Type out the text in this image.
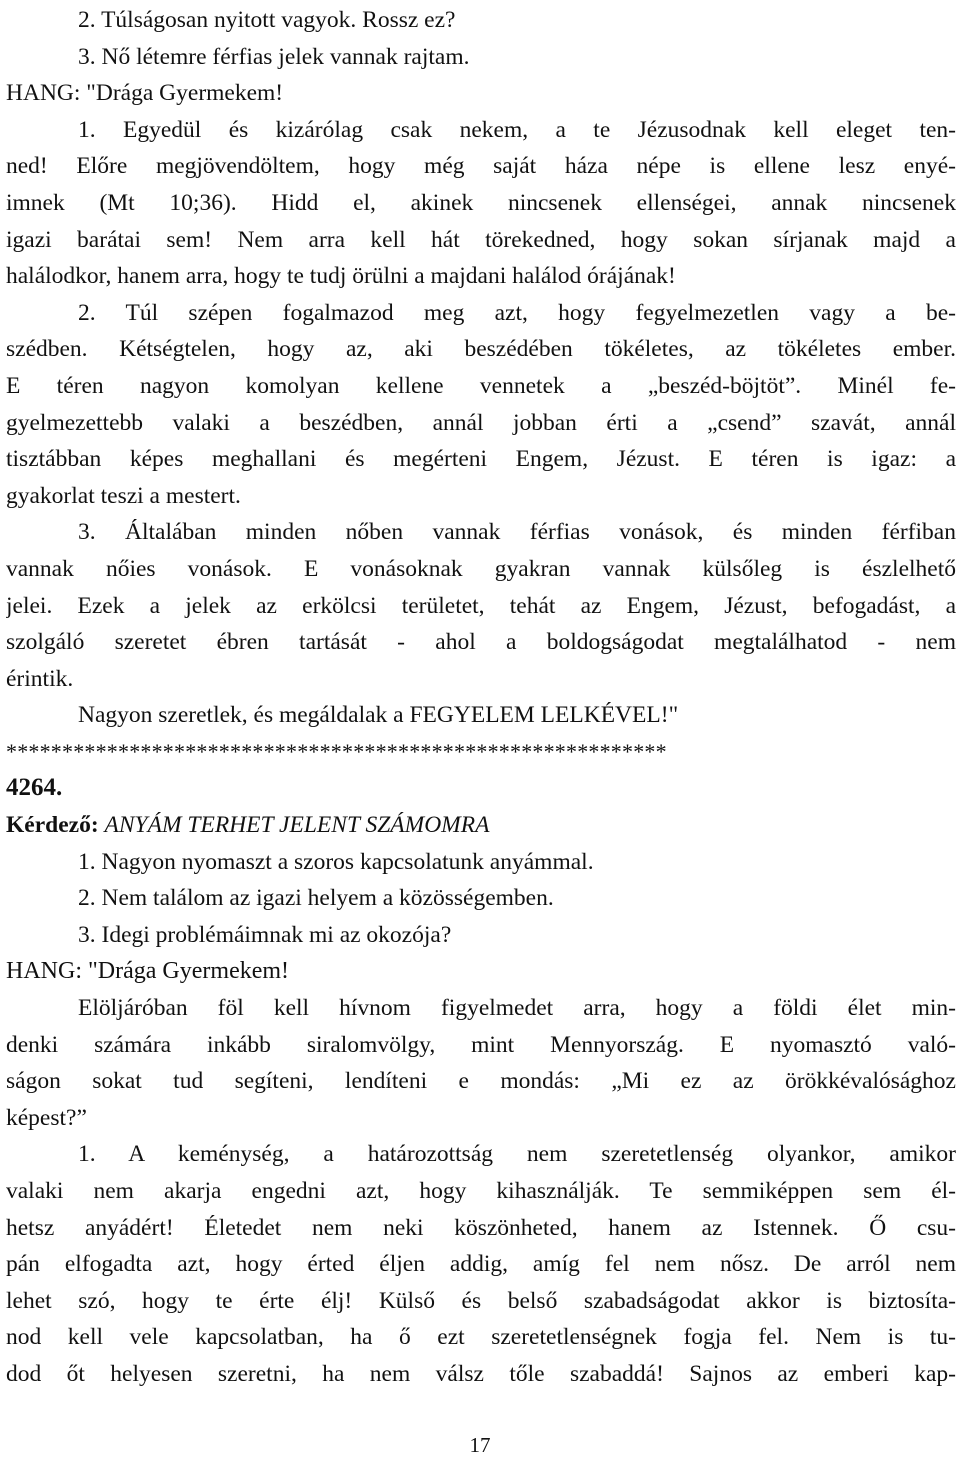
2. Túlságosan nyitott vagyok. Rossz ez?
3. Nő létemre férfias jelek vannak rajtam.
HANG: "Drága Gyermekem!
1. Egyedül és kizárólag csak nekem, a te Jézusodnak kell eleget ten-
ned! Előre megjövendöltem, hogy még saját háza népe is ellene lesz enyé-
imnek (Mt 10;36). Hidd el, akinek nincsenek ellenségei, annak nincsenek
igazi barátai sem! Nem arra kell hát törekedned, hogy sokan sírjanak majd a
halálodkor, hanem arra, hogy te tudj örülni a majdani halálod órájának!
2. Túl szépen fogalmazod meg azt, hogy fegyelmezetlen vagy a be-
szédben. Kétségtelen, hogy az, aki beszédében tökéletes, az tökéletes ember.
E téren nagyon komolyan kellene vennetek a „beszéd-böjtöt”. Minél fe-
gyelmezettebb valaki a beszédben, annál jobban érti a „csend” szavát, annál
tisztábban képes meghallani és megérteni Engem, Jézust. E téren is igaz: a
gyakorlat teszi a mestert.
3. Általában minden nőben vannak férfias vonások, és minden férfiban
vannak nőies vonások. E vonásoknak gyakran vannak külsőleg is észlelhető
jelei. Ezek a jelek az erkölcsi területet, tehát az Engem, Jézust, befogadást, a
szolgáló szeretet ébren tartását - ahol a boldogságodat megtalálhatod - nem
érintik.
Nagyon szeretlek, és megáldalak a FEGYELEM LELKÉVEL!"
***********************************************************
4264.
Kérdező: ANYÁM TERHET JELENT SZÁMOMRA
1. Nagyon nyomaszt a szoros kapcsolatunk anyámmal.
2. Nem találom az igazi helyem a közösségemben.
3. Idegi problémáimnak mi az okozója?
HANG: "Drága Gyermekem!
Elöljáróban föl kell hívnom figyelmedet arra, hogy a földi élet min-
denki számára inkább siralomvölgy, mint Mennyország. E nyomasztó való-
ságon sokat tud segíteni, lendíteni e mondás: „Mi ez az örökkévalósághoz
képest?”
1. A keménység, a határozottság nem szeretetlenség olyankor, amikor
valaki nem akarja engedni azt, hogy kihasználják. Te semmiképpen sem él-
hetsz anyádért! Életedet nem neki köszönheted, hanem az Istennek. Ő csu-
pán elfogadta azt, hogy érted éljen addig, amíg fel nem nősz. De arról nem
lehet szó, hogy te érte élj! Külső és belső szabadságodat akkor is biztosíta-
nod kell vele kapcsolatban, ha ő ezt szeretetlenségnek fogja fel. Nem is tu-
dod őt helyesen szeretni, ha nem válsz tőle szabaddá! Sajnos az emberi kap-
17
